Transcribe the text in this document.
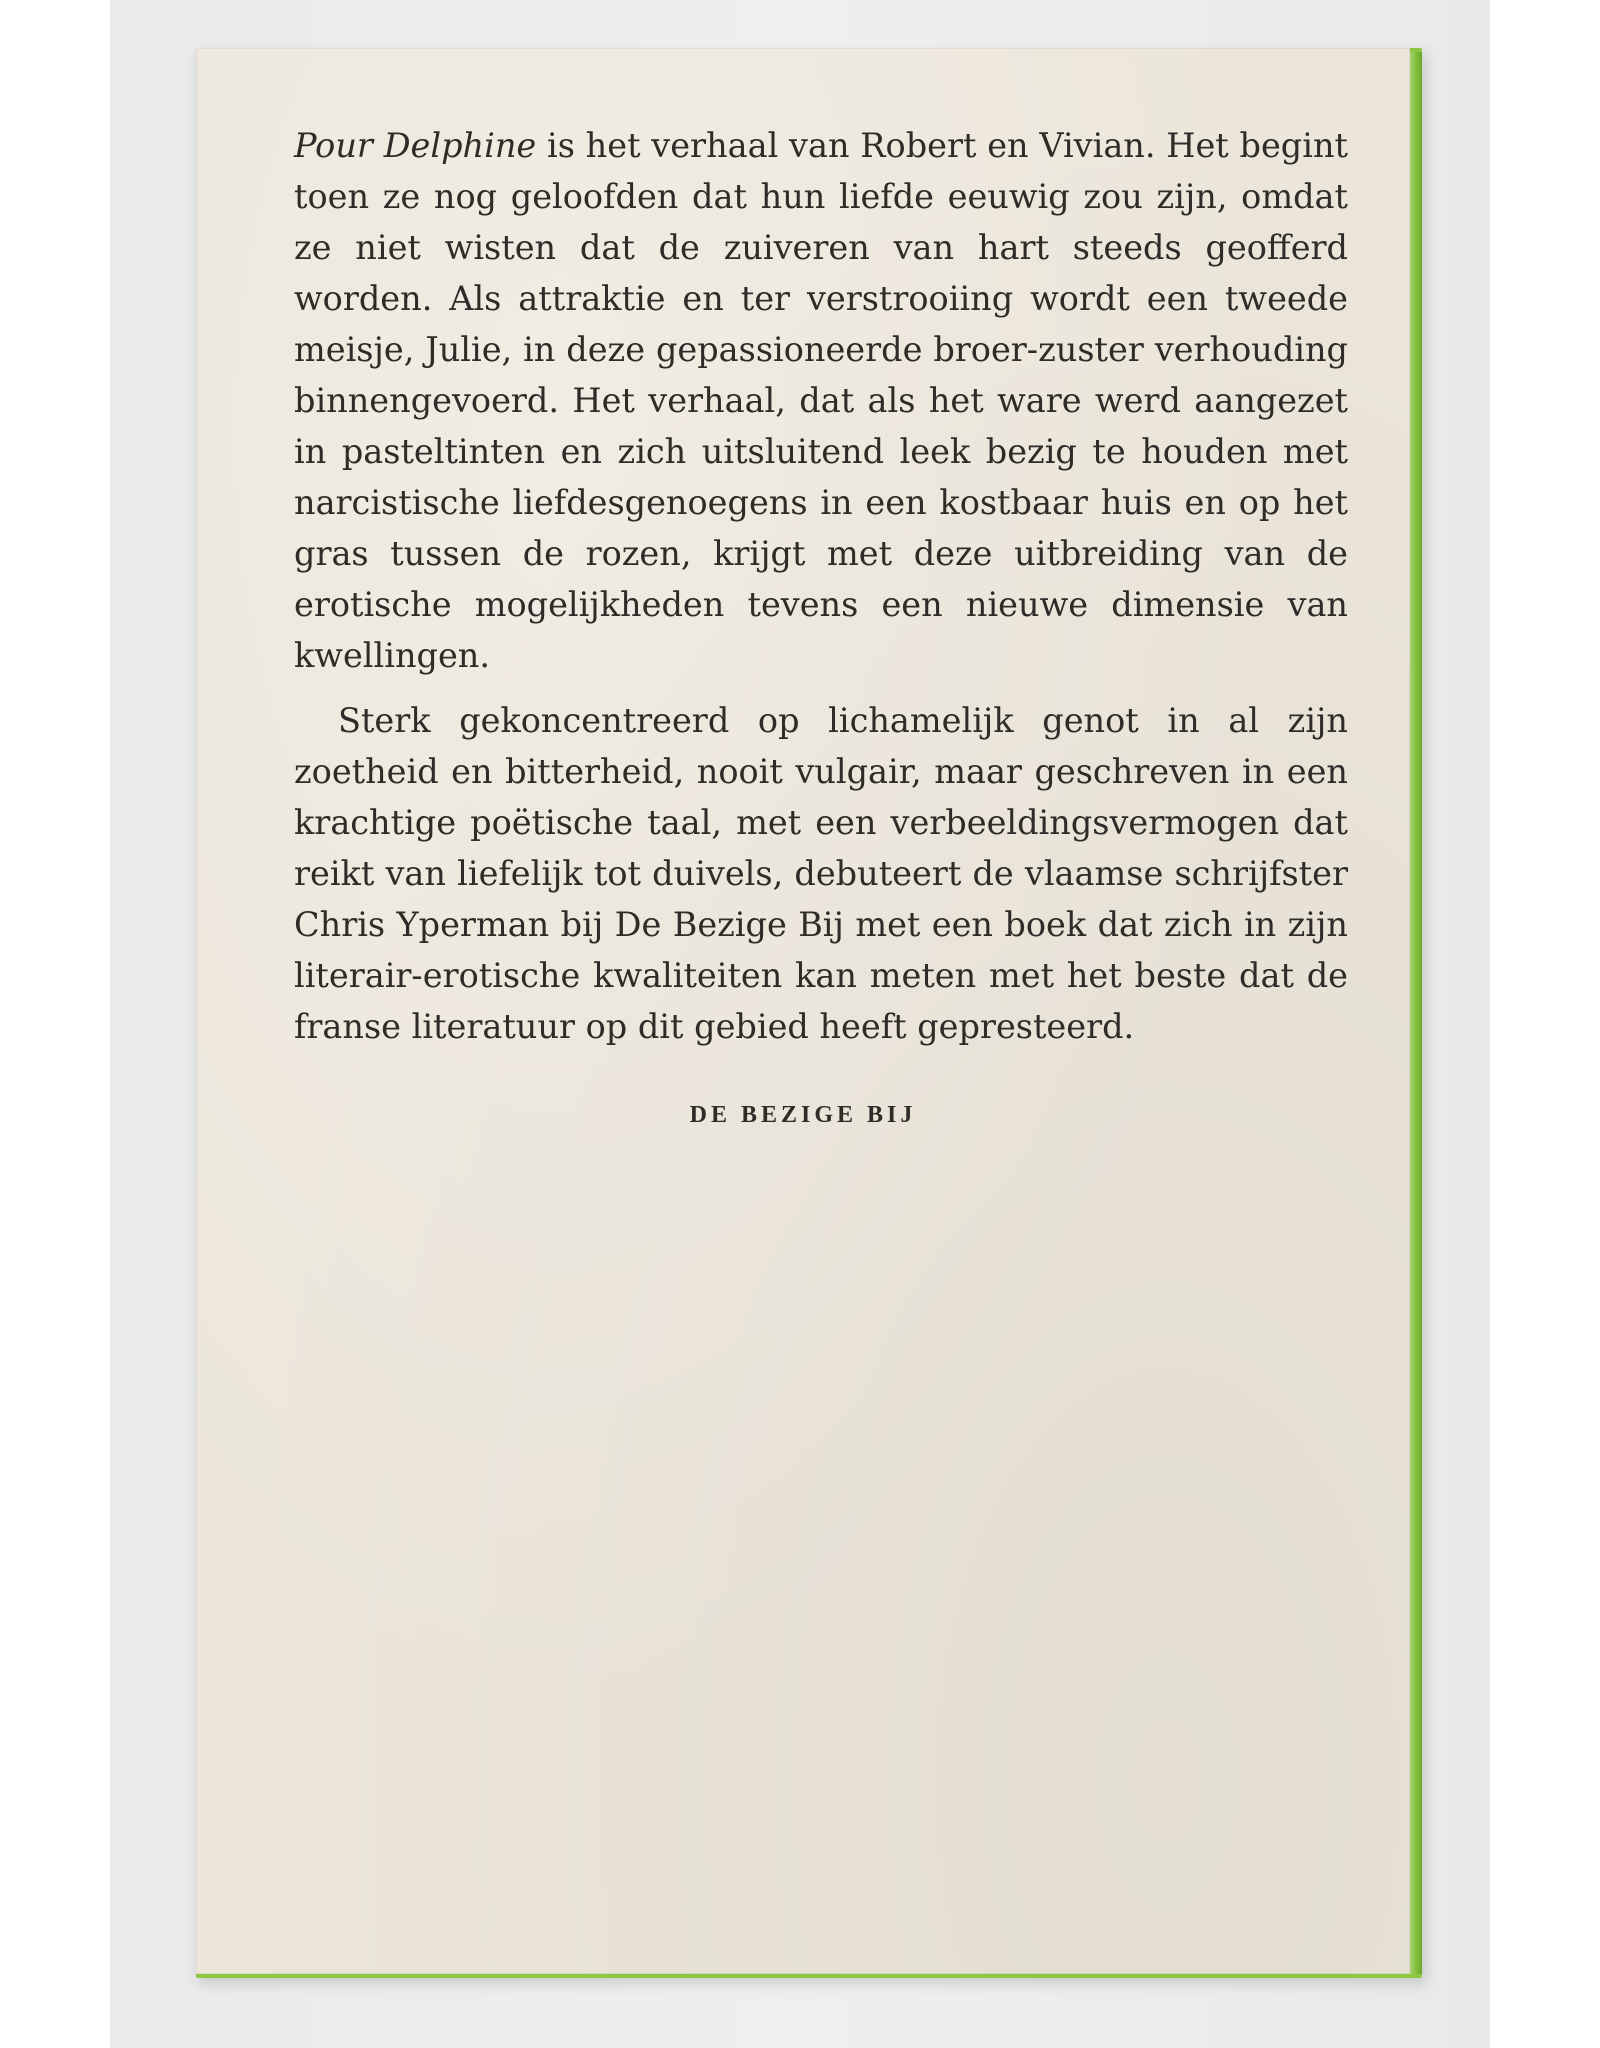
Pour Delphine is het verhaal van Robert en Vivian. Het begint toen ze nog geloofden dat hun liefde eeuwig zou zijn, omdat ze niet wisten dat de zuiveren van hart steeds geofferd worden. Als attraktie en ter verstrooiing wordt een tweede meisje, Julie, in deze gepassioneerde broer-zuster verhouding binnengevoerd. Het verhaal, dat als het ware werd aangezet in pasteltinten en zich uitsluitend leek bezig te houden met narcistische liefdesgenoegens in een kostbaar huis en op het gras tussen de rozen, krijgt met deze uitbreiding van de erotische mogelijkheden tevens een nieuwe dimensie van kwellingen.

Sterk gekoncentreerd op lichamelijk genot in al zijn zoetheid en bitterheid, nooit vulgair, maar geschreven in een krachtige poëtische taal, met een verbeeldingsvermogen dat reikt van liefelijk tot duivels, debuteert de vlaamse schrijfster Chris Yperman bij De Bezige Bij met een boek dat zich in zijn literair-erotische kwaliteiten kan meten met het beste dat de franse literatuur op dit gebied heeft gepresteerd.

DE BEZIGE BIJ
